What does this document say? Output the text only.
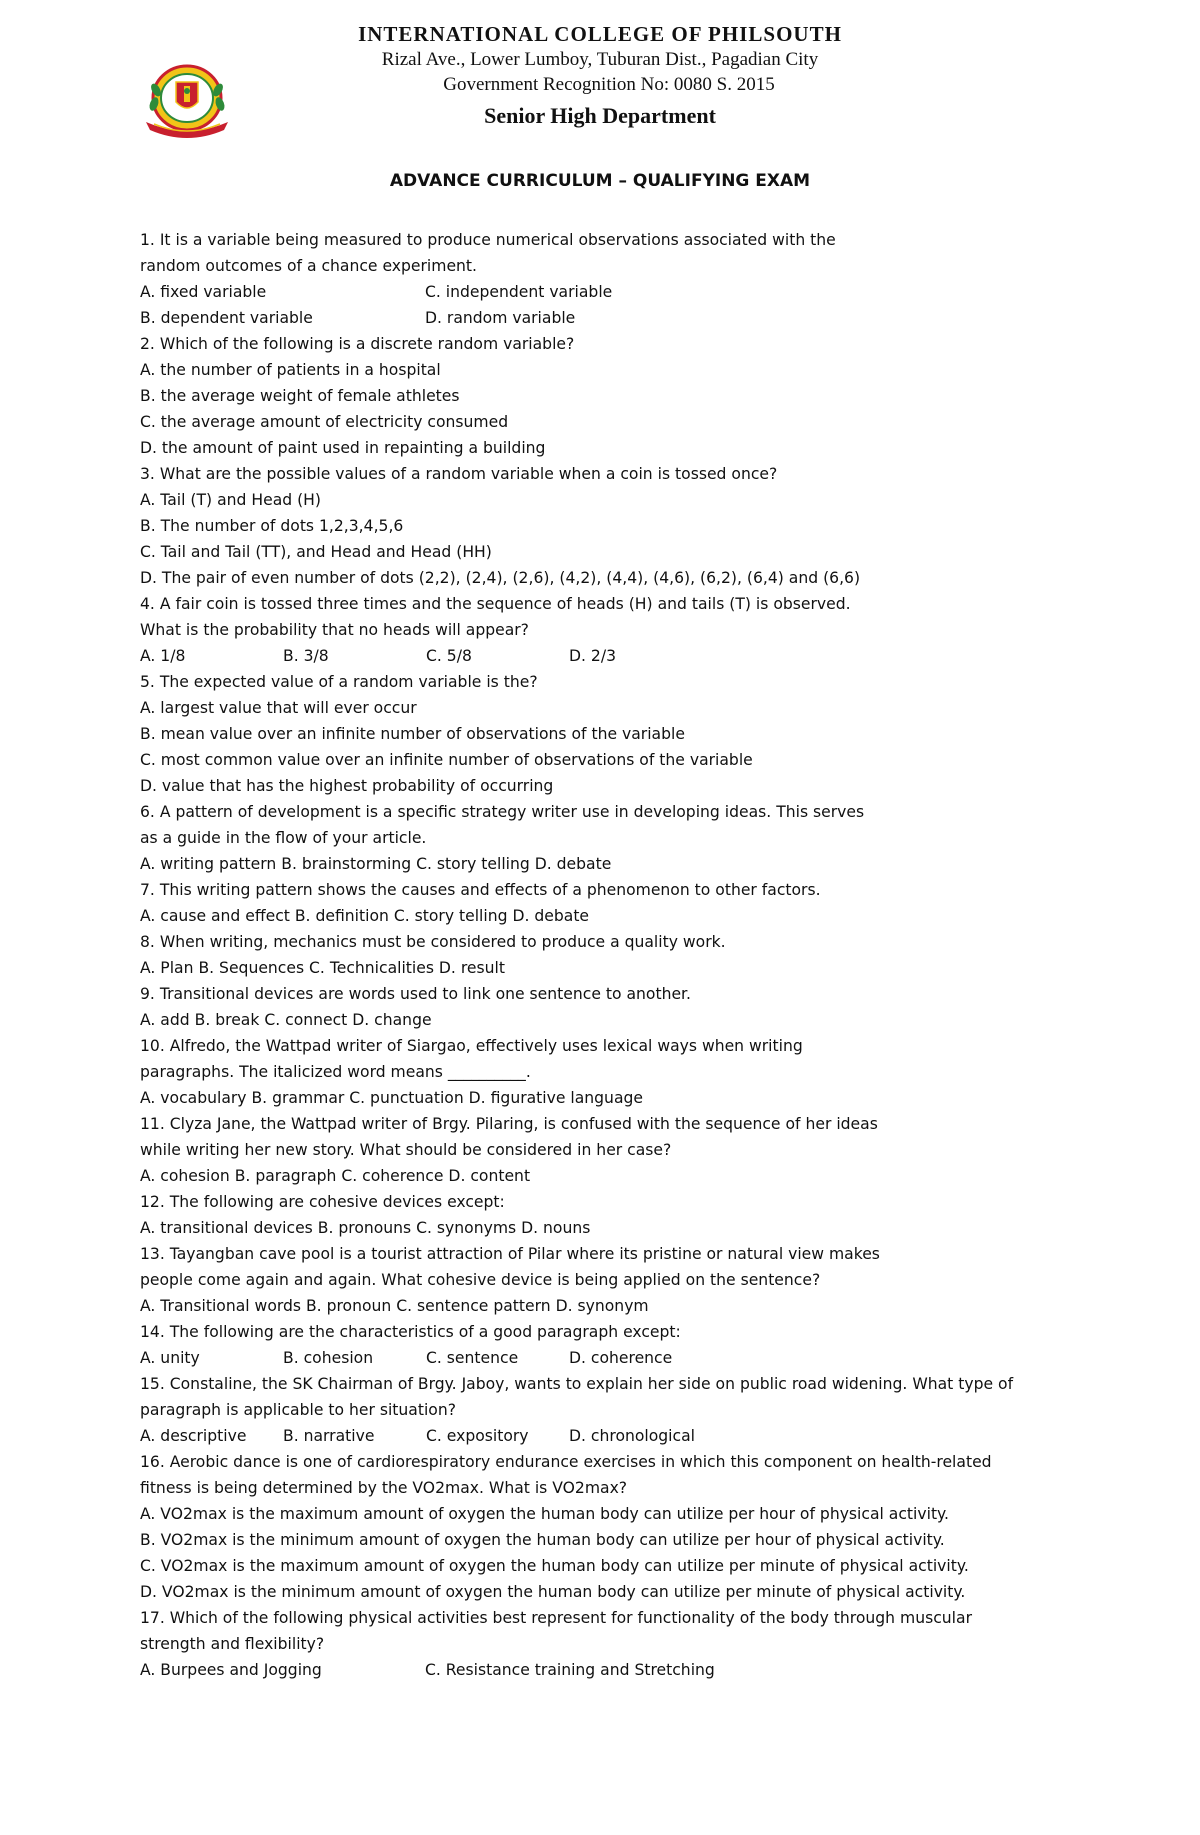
INTERNATIONAL COLLEGE OF PHILSOUTH
Rizal Ave., Lower Lumboy, Tuburan Dist., Pagadian City
Government Recognition No: 0080 S. 2015
Senior High Department
ADVANCE CURRICULUM – QUALIFYING EXAM

1. It is a variable being measured to produce numerical observations associated with the

random outcomes of a chance experiment.

A. fixed variable	C. independent variable
B. dependent variable	D. random variable

2. Which of the following is a discrete random variable?

A. the number of patients in a hospital

B. the average weight of female athletes

C. the average amount of electricity consumed

D. the amount of paint used in repainting a building

3. What are the possible values of a random variable when a coin is tossed once?

A. Tail (T) and Head (H)

B. The number of dots 1,2,3,4,5,6

C. Tail and Tail (TT), and Head and Head (HH)

D. The pair of even number of dots (2,2), (2,4), (2,6), (4,2), (4,4), (4,6), (6,2), (6,4) and (6,6)

4. A fair coin is tossed three times and the sequence of heads (H) and tails (T) is observed.

What is the probability that no heads will appear?

A. 1/8	B. 3/8	C. 5/8	D. 2/3

5. The expected value of a random variable is the?

A. largest value that will ever occur

B. mean value over an infinite number of observations of the variable

C. most common value over an infinite number of observations of the variable

D. value that has the highest probability of occurring

6. A pattern of development is a specific strategy writer use in developing ideas. This serves

as a guide in the flow of your article.

A. writing pattern B. brainstorming C. story telling D. debate

7. This writing pattern shows the causes and effects of a phenomenon to other factors.

A. cause and effect B. definition C. story telling D. debate

8. When writing, mechanics must be considered to produce a quality work.

A. Plan B. Sequences C. Technicalities D. result

9. Transitional devices are words used to link one sentence to another.

A. add B. break C. connect D. change

10. Alfredo, the Wattpad writer of Siargao, effectively uses lexical ways when writing

paragraphs. The italicized word means __________.

A. vocabulary B. grammar C. punctuation D. figurative language

11. Clyza Jane, the Wattpad writer of Brgy. Pilaring, is confused with the sequence of her ideas

while writing her new story. What should be considered in her case?

A. cohesion B. paragraph C. coherence D. content

12. The following are cohesive devices except:

A. transitional devices B. pronouns C. synonyms D. nouns

13. Tayangban cave pool is a tourist attraction of Pilar where its pristine or natural view makes

people come again and again. What cohesive device is being applied on the sentence?

A. Transitional words B. pronoun C. sentence pattern D. synonym

14. The following are the characteristics of a good paragraph except:

A. unity	B. cohesion	C. sentence	D. coherence

15. Constaline, the SK Chairman of Brgy. Jaboy, wants to explain her side on public road widening. What type of

paragraph is applicable to her situation?

A. descriptive	B. narrative	C. expository	D. chronological

16. Aerobic dance is one of cardiorespiratory endurance exercises in which this component on health-related

fitness is being determined by the VO2max. What is VO2max?

A. VO2max is the maximum amount of oxygen the human body can utilize per hour of physical activity.

B. VO2max is the minimum amount of oxygen the human body can utilize per hour of physical activity.

C. VO2max is the maximum amount of oxygen the human body can utilize per minute of physical activity.

D. VO2max is the minimum amount of oxygen the human body can utilize per minute of physical activity.

17. Which of the following physical activities best represent for functionality of the body through muscular

strength and flexibility?

A. Burpees and Jogging	C. Resistance training and Stretching
